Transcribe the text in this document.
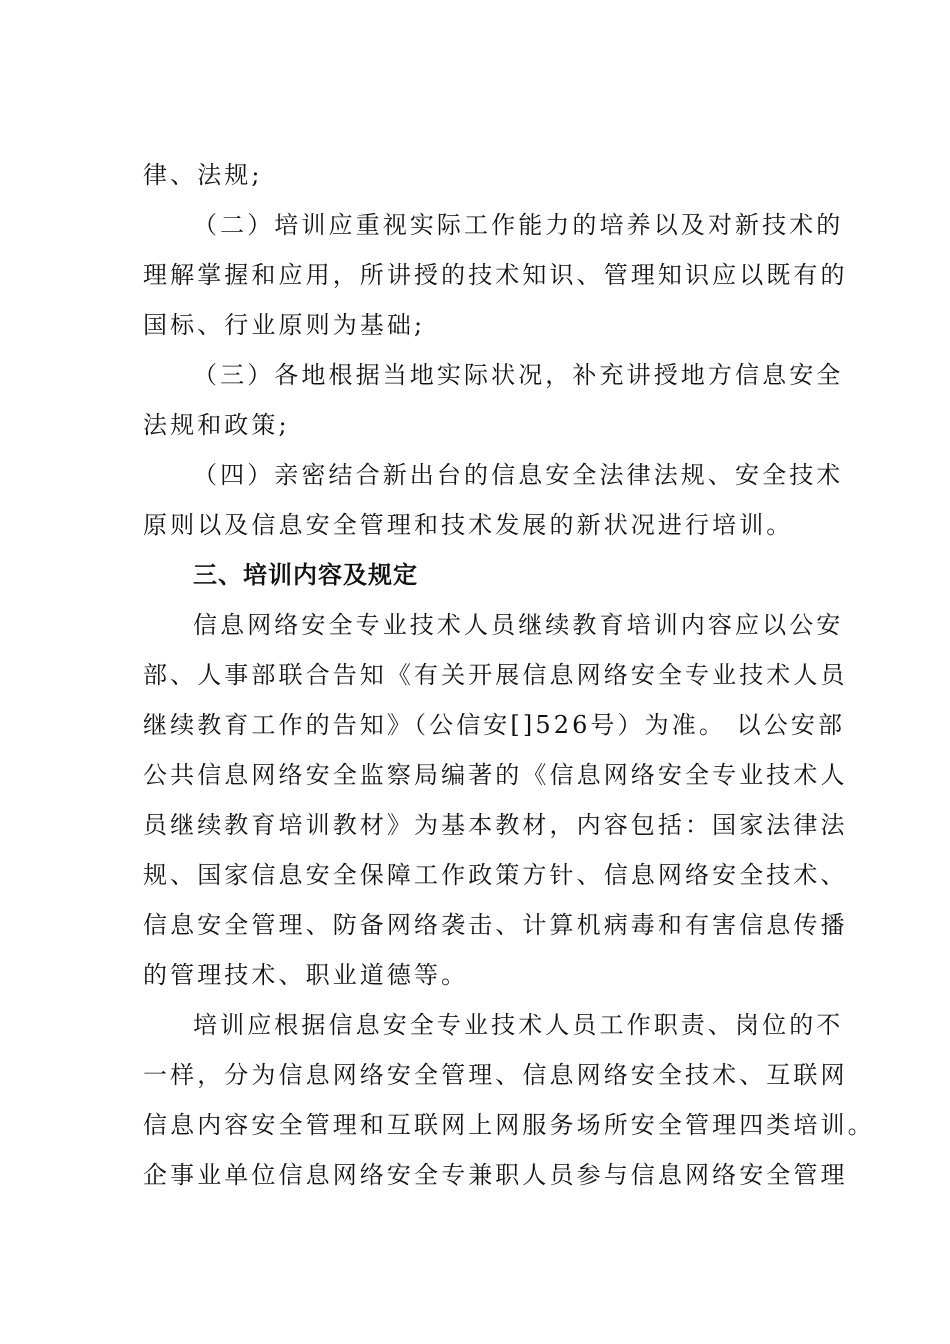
律、法规;
（二）培训应重视实际工作能力的培养以及对新技术的
理解掌握和应用，所讲授的技术知识、管理知识应以既有的
国标、行业原则为基础;
（三）各地根据当地实际状况，补充讲授地方信息安全
法规和政策;
（四）亲密结合新出台的信息安全法律法规、安全技术
原则以及信息安全管理和技术发展的新状况进行培训。
三、培训内容及规定
信息网络安全专业技术人员继续教育培训内容应以公安
部、人事部联合告知《有关开展信息网络安全专业技术人员
继续教育工作的告知》（公信安[]526号）为准。 以公安部
公共信息网络安全监察局编著的《信息网络安全专业技术人
员继续教育培训教材》为基本教材，内容包括：国家法律法
规、国家信息安全保障工作政策方针、信息网络安全技术、
信息安全管理、防备网络袭击、计算机病毒和有害信息传播
的管理技术、职业道德等。
培训应根据信息安全专业技术人员工作职责、岗位的不
一样，分为信息网络安全管理、信息网络安全技术、互联网
信息内容安全管理和互联网上网服务场所安全管理四类培训。
企事业单位信息网络安全专兼职人员参与信息网络安全管理
